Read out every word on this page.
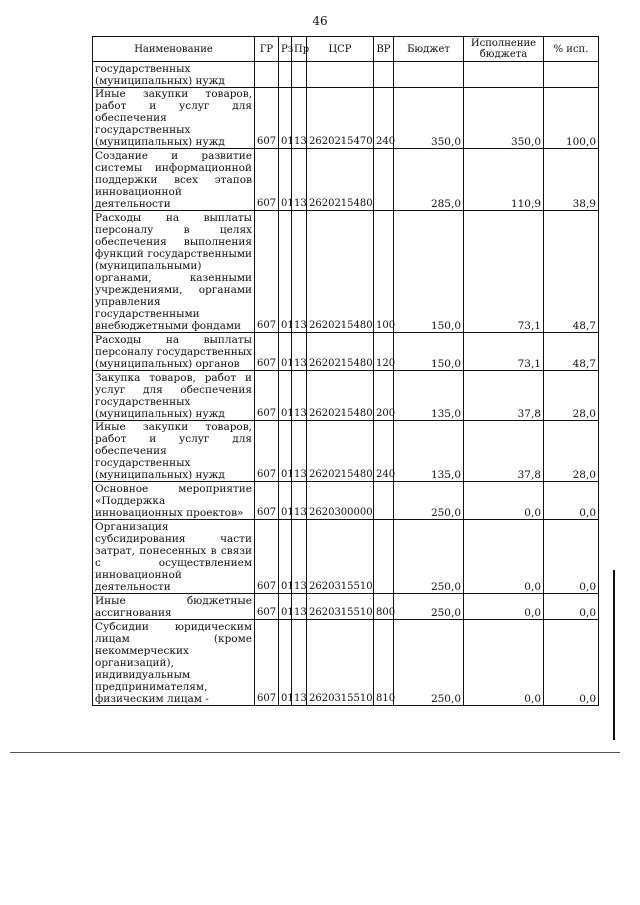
46
Наименование	ГР	Рз	Пр	ЦСР	ВР	Бюджет	Исполнение бюджета	% исп.
государственных (муниципальных) нужд								
Иные закупки товаров, работ и услуг для обеспечения государственных (муниципальных) нужд	607	01	13	2620215470	240	350,0	350,0	100,0
Создание и развитие системы информационной поддержки всех этапов инновационной деятельности	607	01	13	2620215480		285,0	110,9	38,9
Расходы на выплаты персоналу в целях обеспечения выполнения функций государственными (муниципальными) органами, казенными учреждениями, органами управления государственными внебюджетными фондами	607	01	13	2620215480	100	150,0	73,1	48,7
Расходы на выплаты персоналу государственных (муниципальных) органов	607	01	13	2620215480	120	150,0	73,1	48,7
Закупка товаров, работ и услуг для обеспечения государственных (муниципальных) нужд	607	01	13	2620215480	200	135,0	37,8	28,0
Иные закупки товаров, работ и услуг для обеспечения государственных (муниципальных) нужд	607	01	13	2620215480	240	135,0	37,8	28,0
Основное мероприятие «Поддержка инновационных проектов»	607	01	13	2620300000		250,0	0,0	0,0
Организация субсидирования части затрат, понесенных в связи с осуществлением инновационной деятельности	607	01	13	2620315510		250,0	0,0	0,0
Иные бюджетные ассигнования	607	01	13	2620315510	800	250,0	0,0	0,0
Субсидии юридическим лицам (кроме некоммерческих организаций), индивидуальным предпринимателям, физическим лицам -	607	01	13	2620315510	810	250,0	0,0	0,0
